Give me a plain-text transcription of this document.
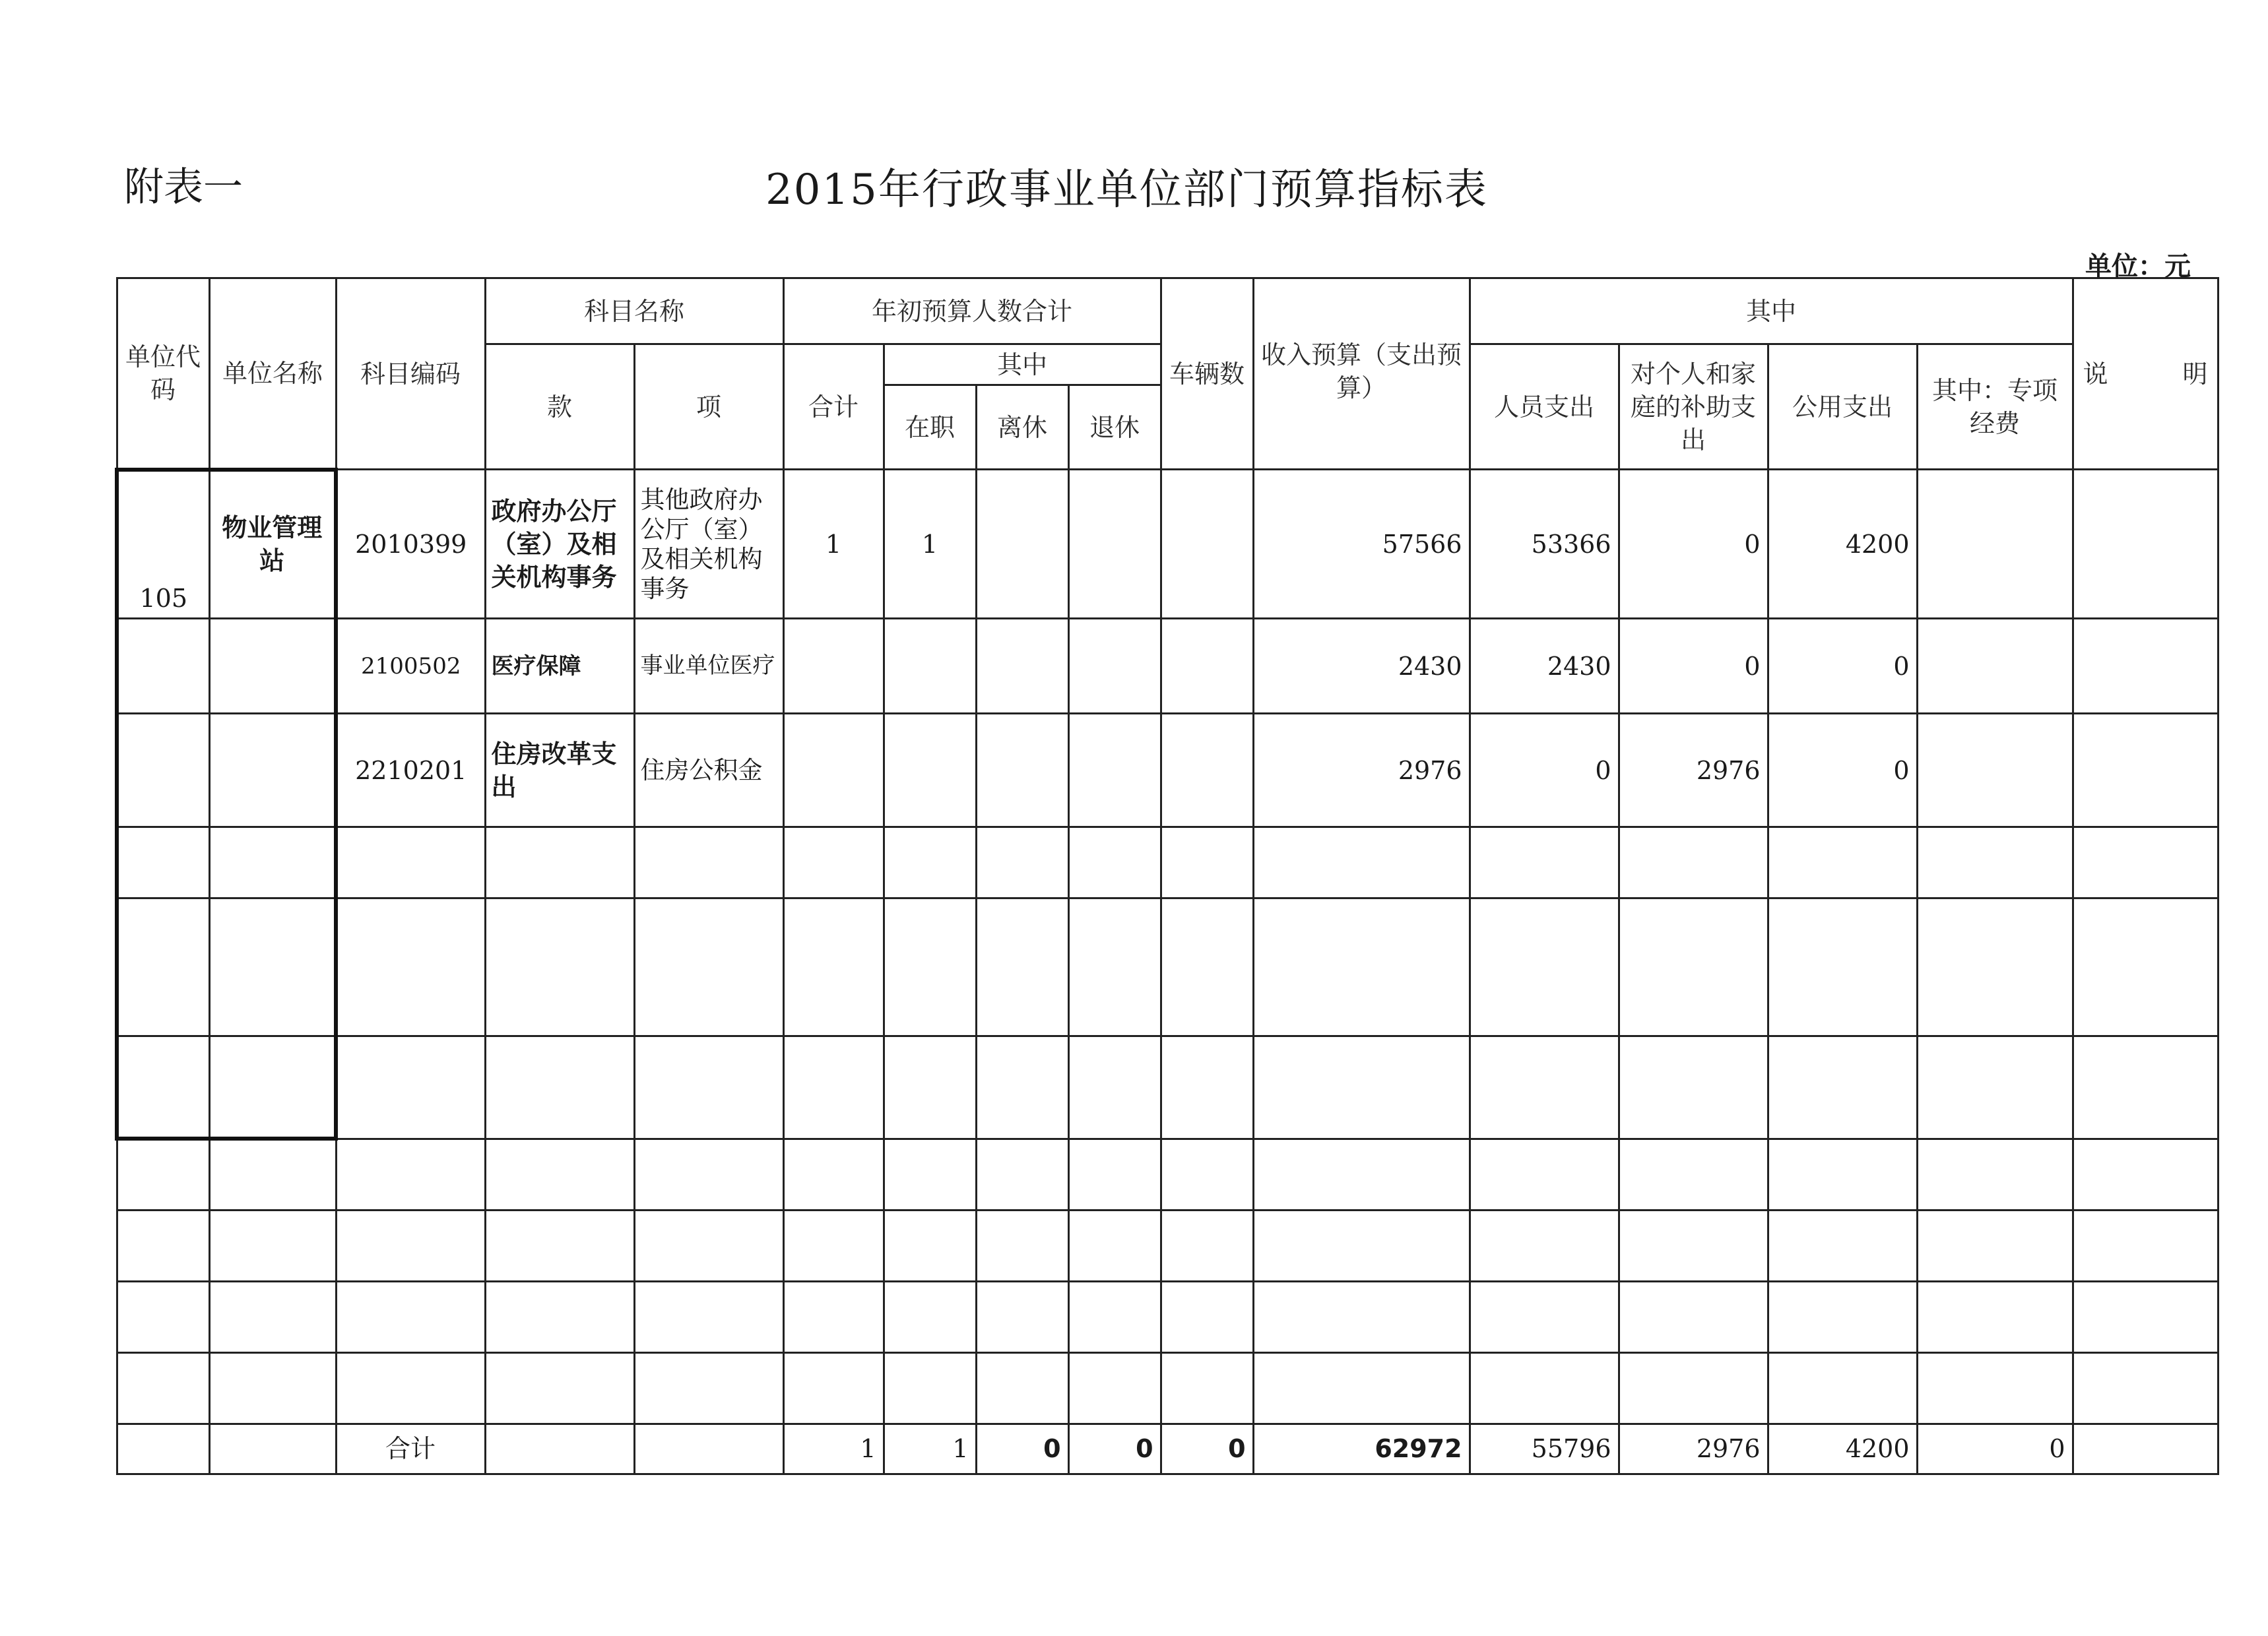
附表一	2015年行政事业单位部门预算指标表
单位：元
单位代码	单位名称	科目编码	科目名称		年初预算人数合计				车辆数	收入预算（支出预算）	其中				说 明

			款	项	合计	其中					人员支出	对个人和家庭的补助支出	公用支出	其中：专项经费	
						在职	离休	退休							
105	物业管理站	2010399	政府办公厅（室）及相关机构事务	其他政府办公厅（室）及相关机构事务	1	1				57566	53366	0	4200		
		2100502	医疗保障	事业单位医疗						2430	2430	0	0		
		2210201	住房改革支出	住房公积金						2976	0	2976	0		

		合计			1	1	0	0	0	62972	55796	2976	4200	0	
